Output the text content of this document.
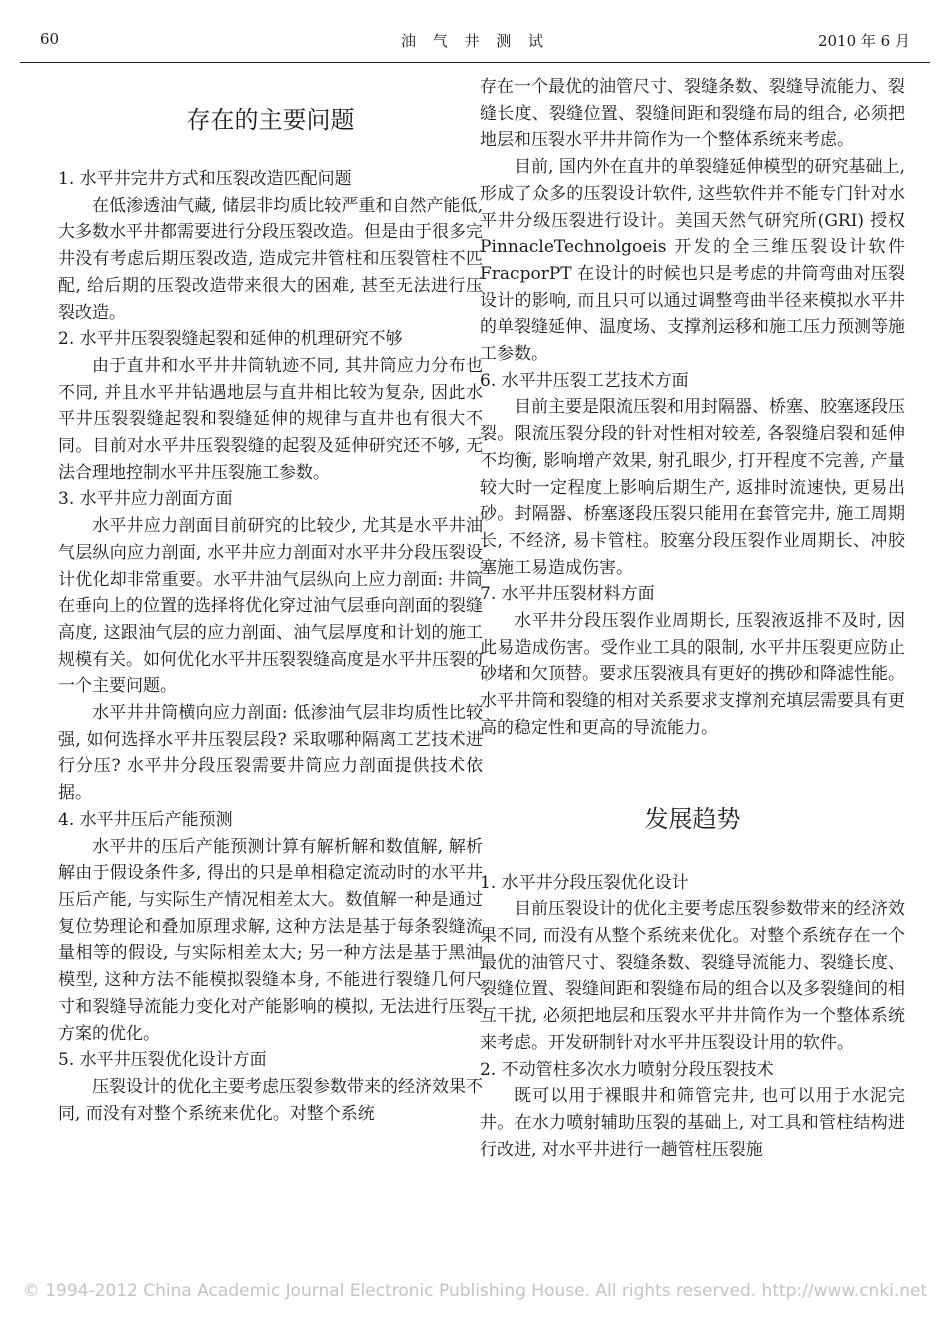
60	油 气 井 测 试	2010 年 6 月
存在的主要问题
1. 水平井完井方式和压裂改造匹配问题

在低渗透油气藏, 储层非均质比较严重和自然产能低, 大多数水平井都需要进行分段压裂改造。但是由于很多完井没有考虑后期压裂改造, 造成完井管柱和压裂管柱不匹配, 给后期的压裂改造带来很大的困难, 甚至无法进行压裂改造。

2. 水平井压裂裂缝起裂和延伸的机理研究不够

由于直井和水平井井筒轨迹不同, 其井筒应力分布也不同, 并且水平井钻遇地层与直井相比较为复杂, 因此水平井压裂裂缝起裂和裂缝延伸的规律与直井也有很大不同。目前对水平井压裂裂缝的起裂及延伸研究还不够, 无法合理地控制水平井压裂施工参数。

3. 水平井应力剖面方面

水平井应力剖面目前研究的比较少, 尤其是水平井油气层纵向应力剖面, 水平井应力剖面对水平井分段压裂设计优化却非常重要。水平井油气层纵向上应力剖面: 井筒在垂向上的位置的选择将优化穿过油气层垂向剖面的裂缝高度, 这跟油气层的应力剖面、油气层厚度和计划的施工规模有关。如何优化水平井压裂裂缝高度是水平井压裂的一个主要问题。

水平井井筒横向应力剖面: 低渗油气层非均质性比较强, 如何选择水平井压裂层段? 采取哪种隔离工艺技术进行分压? 水平井分段压裂需要井筒应力剖面提供技术依据。

4. 水平井压后产能预测

水平井的压后产能预测计算有解析解和数值解, 解析解由于假设条件多, 得出的只是单相稳定流动时的水平井压后产能, 与实际生产情况相差太大。数值解一种是通过复位势理论和叠加原理求解, 这种方法是基于每条裂缝流量相等的假设, 与实际相差太大; 另一种方法是基于黑油模型, 这种方法不能模拟裂缝本身, 不能进行裂缝几何尺寸和裂缝导流能力变化对产能影响的模拟, 无法进行压裂方案的优化。

5. 水平井压裂优化设计方面

压裂设计的优化主要考虑压裂参数带来的经济效果不同, 而没有对整个系统来优化。对整个系统

存在一个最优的油管尺寸、裂缝条数、裂缝导流能力、裂缝长度、裂缝位置、裂缝间距和裂缝布局的组合, 必须把地层和压裂水平井井筒作为一个整体系统来考虑。

目前, 国内外在直井的单裂缝延伸模型的研究基础上, 形成了众多的压裂设计软件, 这些软件并不能专门针对水平井分级压裂进行设计。美国天然气研究所(GRI) 授权 PinnacleTechnolgoeis 开发的全三维压裂设计软件 FracporPT 在设计的时候也只是考虑的井筒弯曲对压裂设计的影响, 而且只可以通过调整弯曲半径来模拟水平井的单裂缝延伸、温度场、支撑剂运移和施工压力预测等施工参数。

6. 水平井压裂工艺技术方面

目前主要是限流压裂和用封隔器、桥塞、胶塞逐段压裂。限流压裂分段的针对性相对较差, 各裂缝启裂和延伸不均衡, 影响增产效果, 射孔眼少, 打开程度不完善, 产量较大时一定程度上影响后期生产, 返排时流速快, 更易出砂。封隔器、桥塞逐段压裂只能用在套管完井, 施工周期长, 不经济, 易卡管柱。胶塞分段压裂作业周期长、冲胶塞施工易造成伤害。

7. 水平井压裂材料方面

水平井分段压裂作业周期长, 压裂液返排不及时, 因此易造成伤害。受作业工具的限制, 水平井压裂更应防止砂堵和欠顶替。要求压裂液具有更好的携砂和降滤性能。水平井筒和裂缝的相对关系要求支撑剂充填层需要具有更高的稳定性和更高的导流能力。

发展趋势
1. 水平井分段压裂优化设计

目前压裂设计的优化主要考虑压裂参数带来的经济效果不同, 而没有从整个系统来优化。对整个系统存在一个最优的油管尺寸、裂缝条数、裂缝导流能力、裂缝长度、裂缝位置、裂缝间距和裂缝布局的组合以及多裂缝间的相互干扰, 必须把地层和压裂水平井井筒作为一个整体系统来考虑。开发研制针对水平井压裂设计用的软件。

2. 不动管柱多次水力喷射分段压裂技术

既可以用于裸眼井和筛管完井, 也可以用于水泥完井。在水力喷射辅助压裂的基础上, 对工具和管柱结构进行改进, 对水平井进行一趟管柱压裂施

© 1994-2012 China Academic Journal Electronic Publishing House. All rights reserved. http://www.cnki.net
